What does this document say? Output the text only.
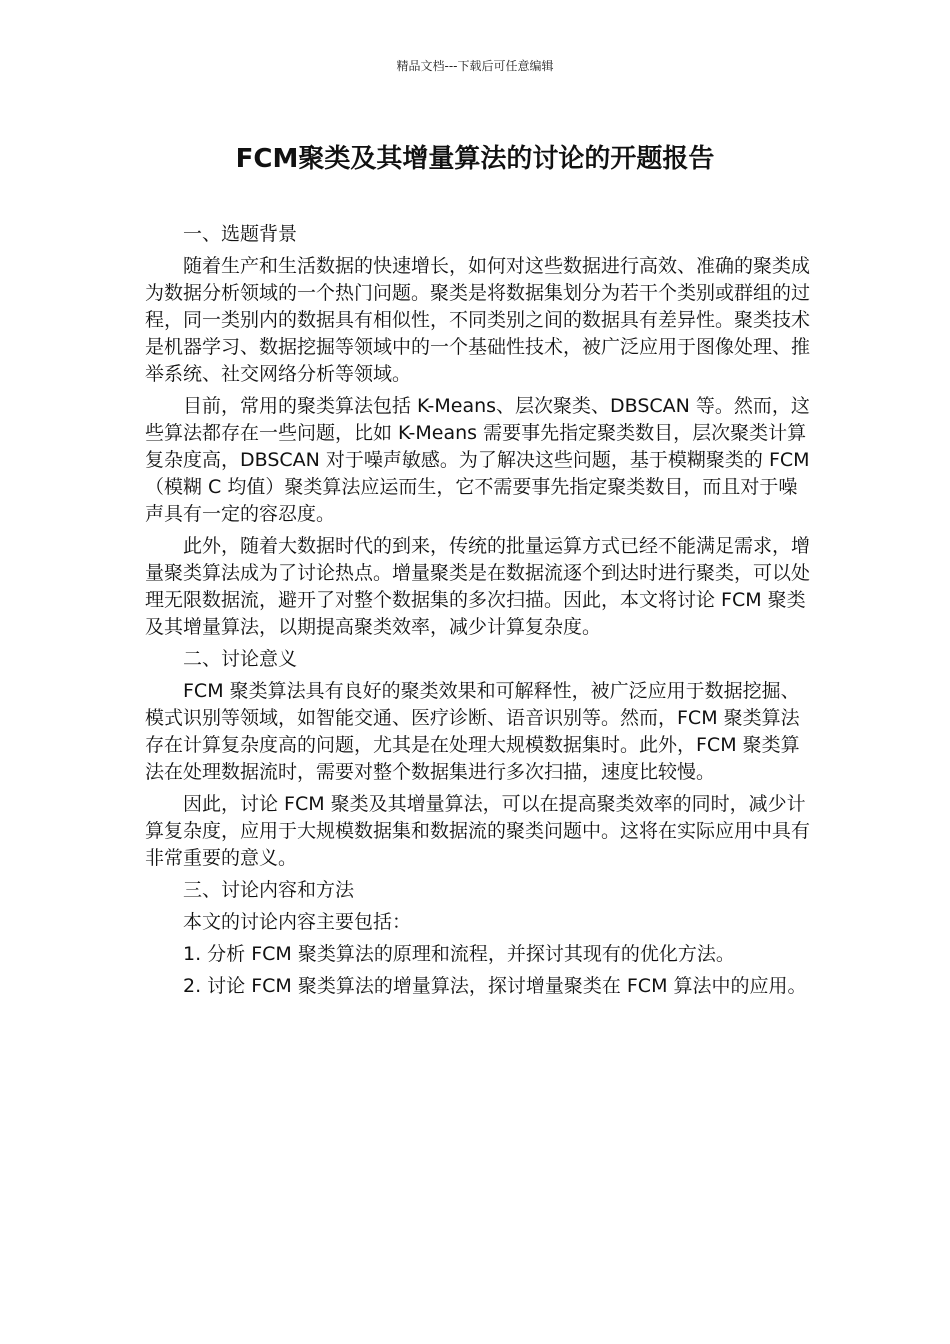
精品文档---下载后可任意编辑
FCM聚类及其增量算法的讨论的开题报告

一、选题背景

随着生产和生活数据的快速增长，如何对这些数据进行高效、准确的聚类成为数据分析领域的一个热门问题。聚类是将数据集划分为若干个类别或群组的过程，同一类别内的数据具有相似性，不同类别之间的数据具有差异性。聚类技术是机器学习、数据挖掘等领域中的一个基础性技术，被广泛应用于图像处理、推举系统、社交网络分析等领域。

目前，常用的聚类算法包括 K-Means、层次聚类、DBSCAN 等。然而，这些算法都存在一些问题，比如 K-Means 需要事先指定聚类数目，层次聚类计算复杂度高，DBSCAN 对于噪声敏感。为了解决这些问题，基于模糊聚类的 FCM（模糊 C 均值）聚类算法应运而生，它不需要事先指定聚类数目，而且对于噪声具有一定的容忍度。

此外，随着大数据时代的到来，传统的批量运算方式已经不能满足需求，增量聚类算法成为了讨论热点。增量聚类是在数据流逐个到达时进行聚类，可以处理无限数据流，避开了对整个数据集的多次扫描。因此，本文将讨论 FCM 聚类及其增量算法，以期提高聚类效率，减少计算复杂度。

二、讨论意义

FCM 聚类算法具有良好的聚类效果和可解释性，被广泛应用于数据挖掘、模式识别等领域，如智能交通、医疗诊断、语音识别等。然而，FCM 聚类算法存在计算复杂度高的问题，尤其是在处理大规模数据集时。此外，FCM 聚类算法在处理数据流时，需要对整个数据集进行多次扫描，速度比较慢。

因此，讨论 FCM 聚类及其增量算法，可以在提高聚类效率的同时，减少计算复杂度，应用于大规模数据集和数据流的聚类问题中。这将在实际应用中具有非常重要的意义。

三、讨论内容和方法

本文的讨论内容主要包括：

1. 分析 FCM 聚类算法的原理和流程，并探讨其现有的优化方法。

2. 讨论 FCM 聚类算法的增量算法，探讨增量聚类在 FCM 算法中的应用。
